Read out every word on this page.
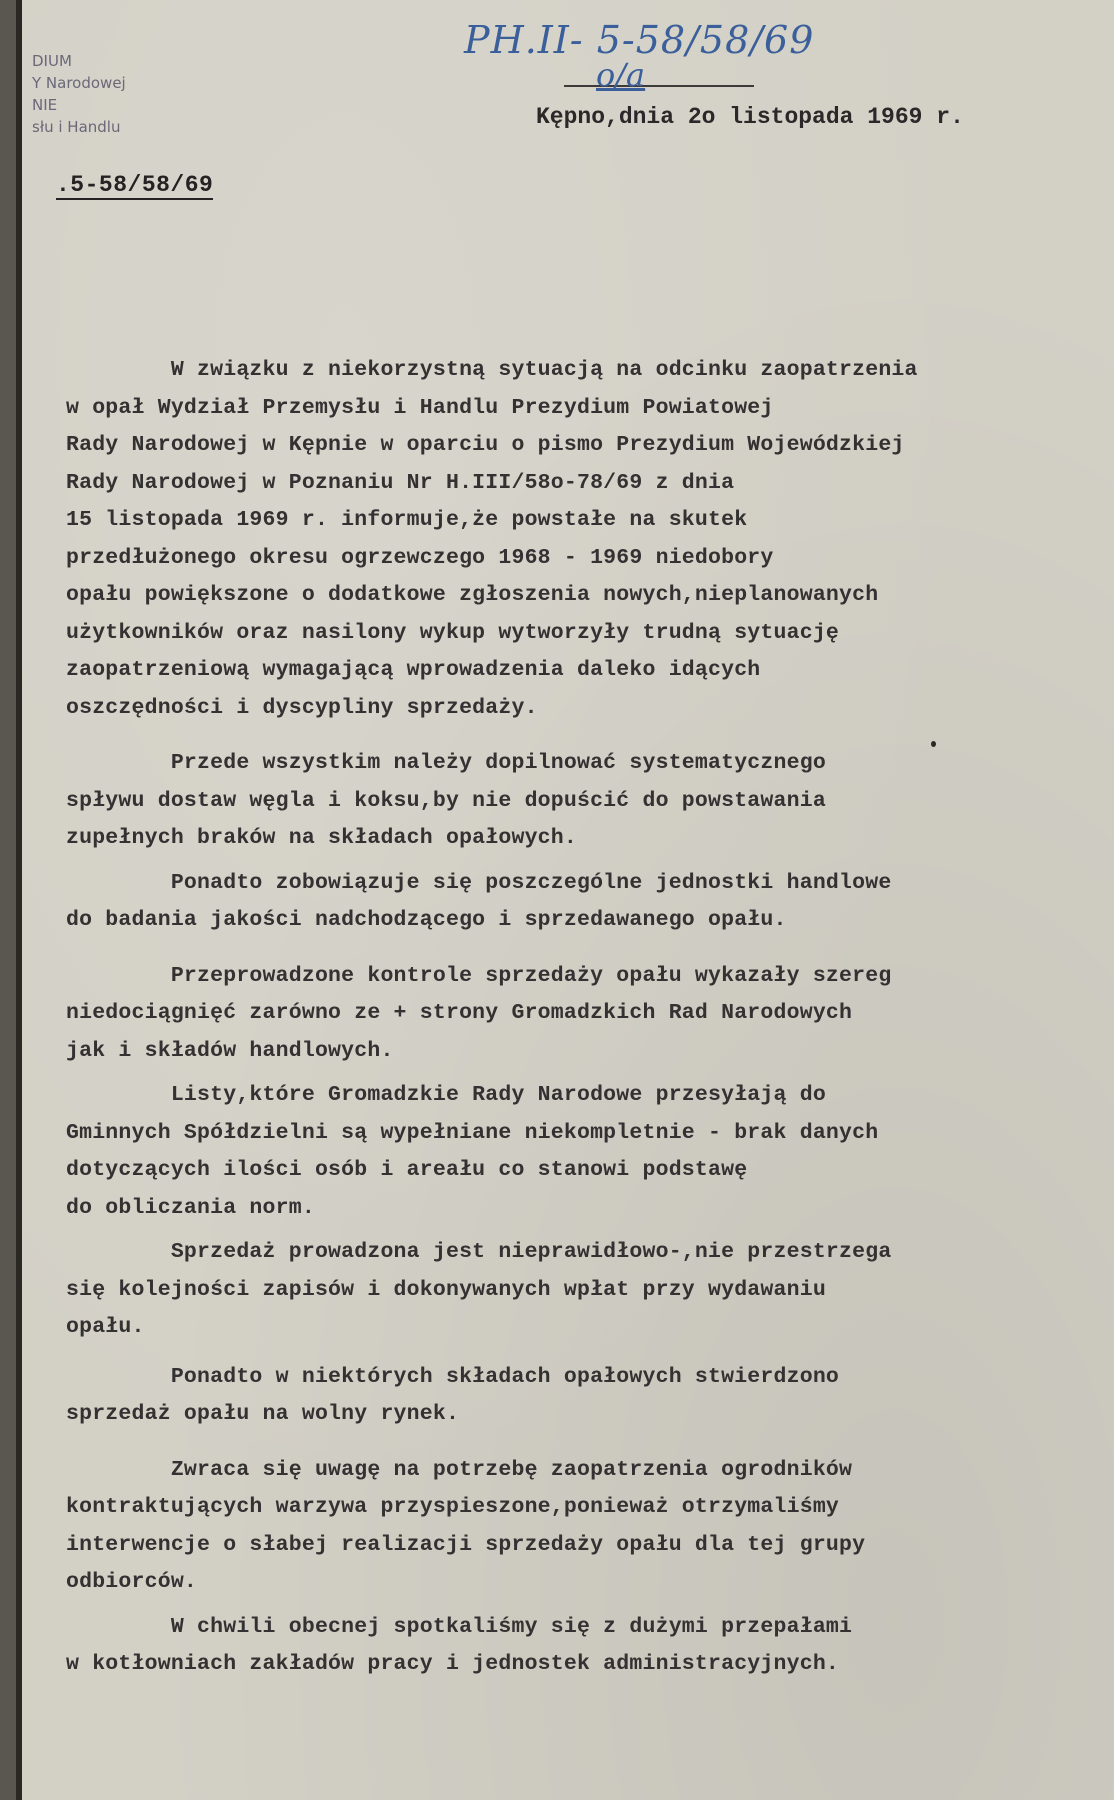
DIUM
Y Narodowej
NIE
słu i Handlu
.5-58/58/69
PH.II- 5-58/58/69
o/a
Kępno,dnia 2o listopada 1969 r.
W związku z niekorzystną sytuacją na odcinku zaopatrzenia
w opał Wydział Przemysłu i Handlu Prezydium Powiatowej
Rady Narodowej w Kępnie w oparciu o pismo Prezydium Wojewódzkiej
Rady Narodowej w Poznaniu Nr H.III/58o-78/69 z dnia
15 listopada 1969 r. informuje,że powstałe na skutek
przedłużonego okresu ogrzewczego 1968 - 1969 niedobory
opału powiększone o dodatkowe zgłoszenia nowych,nieplanowanych
użytkowników oraz nasilony wykup wytworzyły trudną sytuację
zaopatrzeniową wymagającą wprowadzenia daleko idących
oszczędności i dyscypliny sprzedaży.
Przede wszystkim należy dopilnować systematycznego
spływu dostaw węgla i koksu,by nie dopuścić do powstawania
zupełnych braków na składach opałowych.
Ponadto zobowiązuje się poszczególne jednostki handlowe
do badania jakości nadchodzącego i sprzedawanego opału.
Przeprowadzone kontrole sprzedaży opału wykazały szereg
niedociągnięć zarówno ze + strony Gromadzkich Rad Narodowych
jak i składów handlowych.
Listy,które Gromadzkie Rady Narodowe przesyłają do
Gminnych Spółdzielni są wypełniane niekompletnie - brak danych
dotyczących ilości osób i areału co stanowi podstawę
do obliczania norm.
Sprzedaż prowadzona jest nieprawidłowo-,nie przestrzega
się kolejności zapisów i dokonywanych wpłat przy wydawaniu
opału.
Ponadto w niektórych składach opałowych stwierdzono
sprzedaż opału na wolny rynek.
Zwraca się uwagę na potrzebę zaopatrzenia ogrodników
kontraktujących warzywa przyspieszone,ponieważ otrzymaliśmy
interwencje o słabej realizacji sprzedaży opału dla tej grupy
odbiorców.
W chwili obecnej spotkaliśmy się z dużymi przepałami
w kotłowniach zakładów pracy i jednostek administracyjnych.
